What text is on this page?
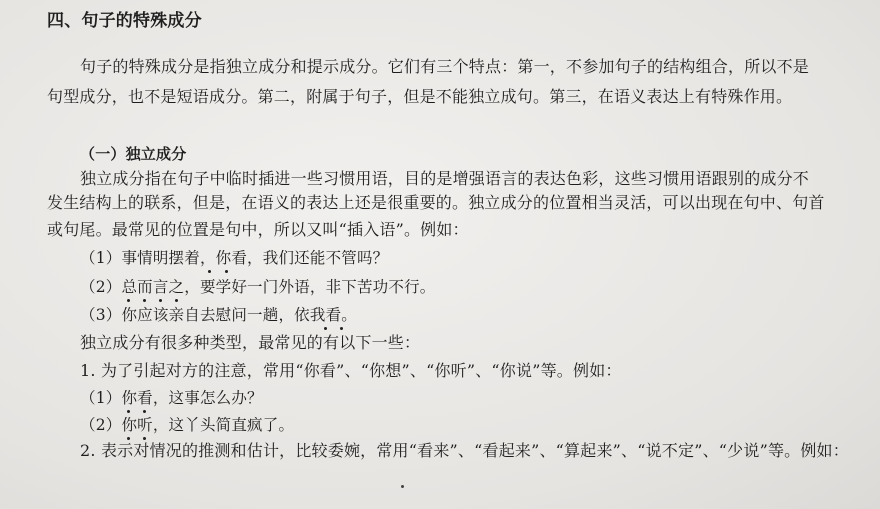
四、句子的特殊成分
句子的特殊成分是指独立成分和提示成分。它们有三个特点：第一，不参加句子的结构组合，所以不是
句型成分，也不是短语成分。第二，附属于句子，但是不能独立成句。第三，在语义表达上有特殊作用。
（一）独立成分
独立成分指在句子中临时插进一些习惯用语，目的是增强语言的表达色彩，这些习惯用语跟别的成分不
发生结构上的联系，但是，在语义的表达上还是很重要的。独立成分的位置相当灵活，可以出现在句中、句首
或句尾。最常见的位置是句中，所以又叫“插入语”。例如：
（1）事情明摆着，你看，我们还能不管吗？
（2）总而言之，要学好一门外语，非下苦功不行。
（3）你应该亲自去慰问一趟，依我看。
独立成分有很多种类型，最常见的有以下一些：
1. 为了引起对方的注意，常用“你看”、“你想”、“你听”、“你说”等。例如：
（1）你看，这事怎么办？
（2）你听，这丫头简直疯了。
2. 表示对情况的推测和估计，比较委婉，常用“看来”、“看起来”、“算起来”、“说不定”、“少说”等。例如：
